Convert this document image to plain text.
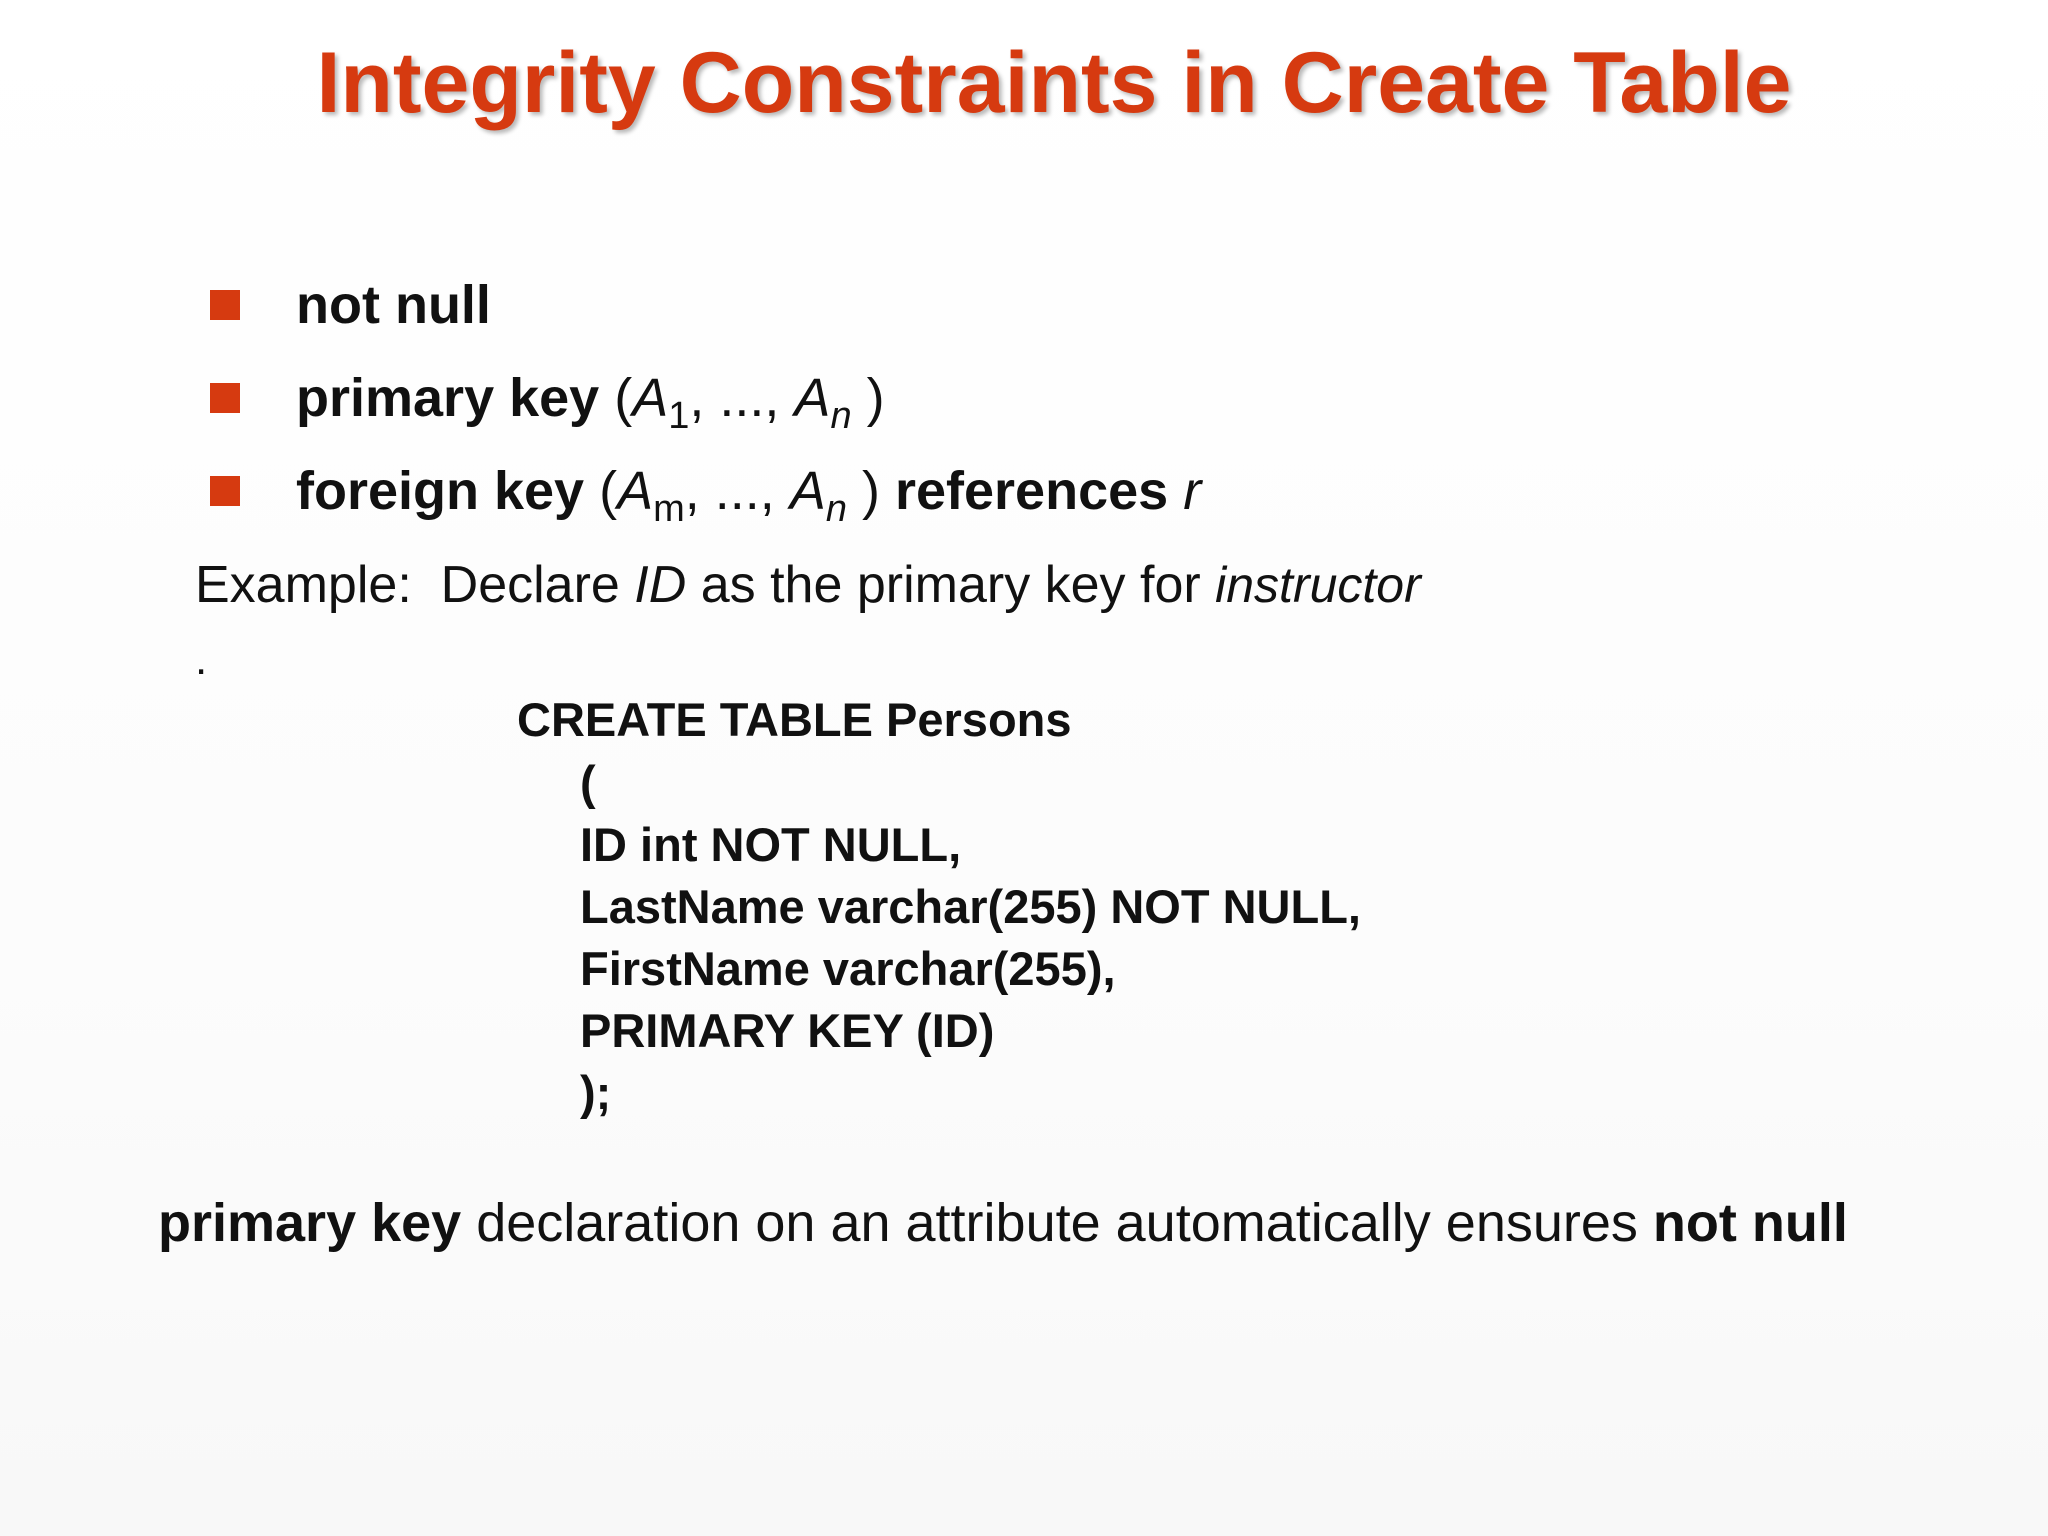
Integrity Constraints in Create Table
not null
primary key ($A_1$, ..., $A_n$ )
foreign key ($A_m$, ..., $A_n$ ) references r
Example:  Declare ID as the primary key for instructor
.
CREATE TABLE Persons
(
ID int NOT NULL,
LastName varchar(255) NOT NULL,
FirstName varchar(255),
PRIMARY KEY (ID)
);
primary key declaration on an attribute automatically ensures not null
